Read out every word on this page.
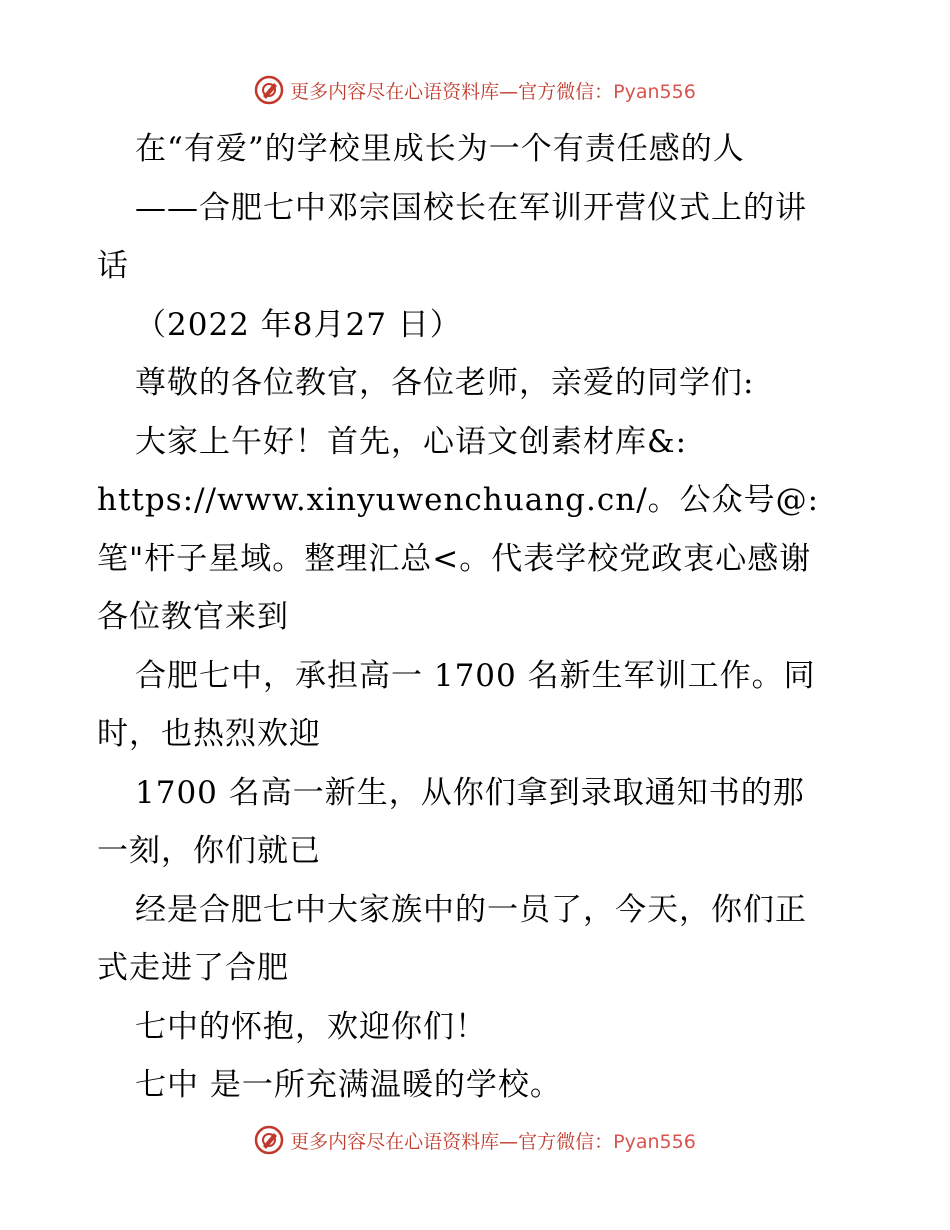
更多内容尽在心语资料库—官方微信：Pyan556
在“有爱”的学校里成长为一个有责任感的人
——合肥七中邓宗国校长在军训开营仪式上的讲
话
（2022 年8月27 日）
尊敬的各位教官，各位老师，亲爱的同学们:
大家上午好！首先，心语文创素材库&:
https://www.xinyuwenchuang.cn/。公众号@:
笔"杆子星域。整理汇总<。代表学校党政衷心感谢
各位教官来到
合肥七中，承担高一 1700 名新生军训工作。同
时，也热烈欢迎
1700 名高一新生，从你们拿到录取通知书的那
一刻，你们就已
经是合肥七中大家族中的一员了，今天，你们正
式走进了合肥
七中的怀抱，欢迎你们！
七中 是一所充满温暖的学校。
更多内容尽在心语资料库—官方微信：Pyan556
